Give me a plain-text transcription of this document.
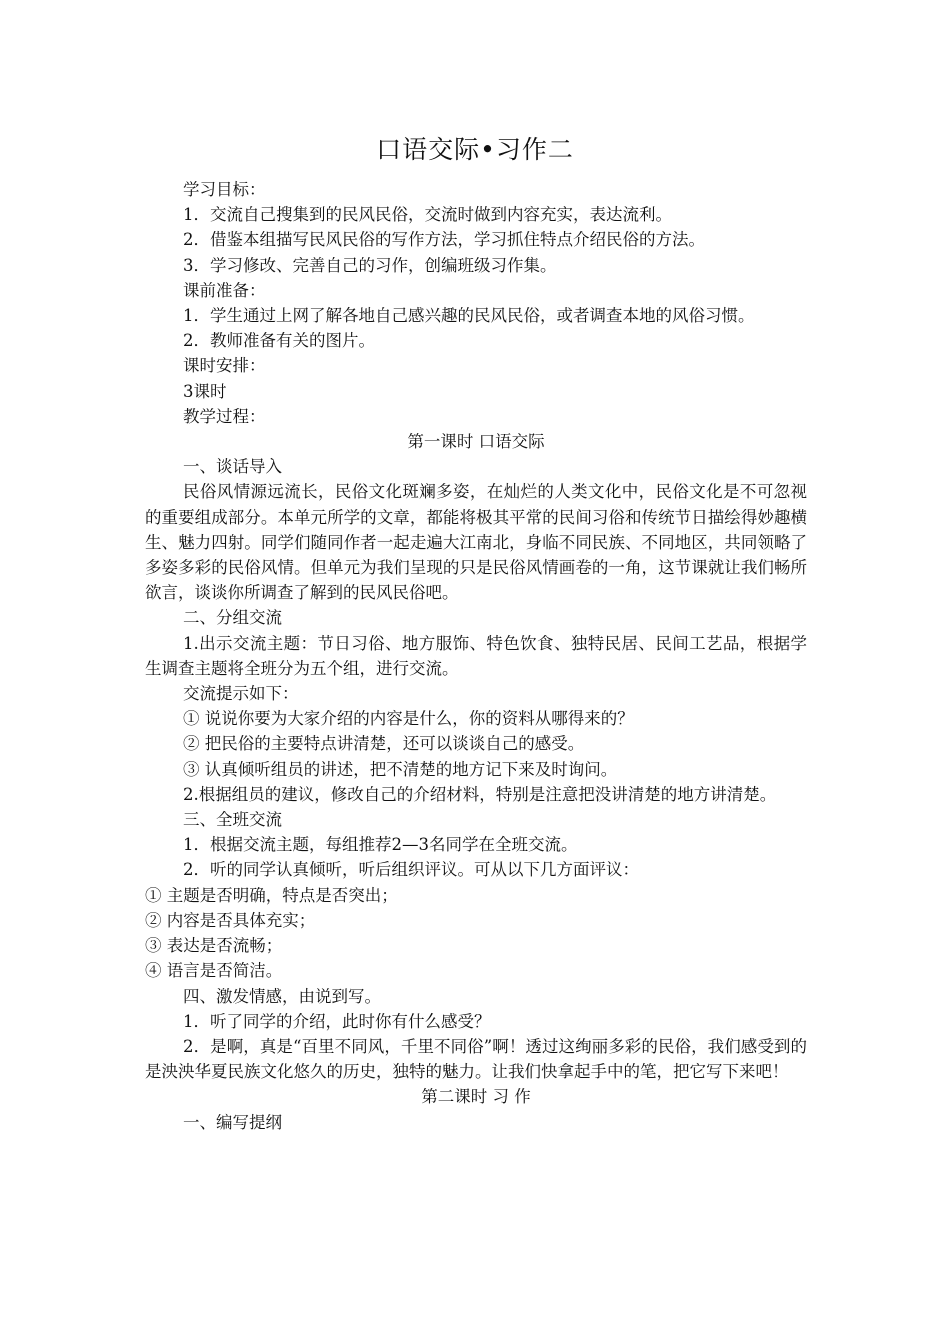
口语交际•习作二

学习目标：

1．交流自己搜集到的民风民俗，交流时做到内容充实，表达流利。

2．借鉴本组描写民风民俗的写作方法，学习抓住特点介绍民俗的方法。

3．学习修改、完善自己的习作，创编班级习作集。

课前准备：

1．学生通过上网了解各地自己感兴趣的民风民俗，或者调查本地的风俗习惯。

2．教师准备有关的图片。

课时安排：

3课时

教学过程：

第一课时 口语交际

一、谈话导入

民俗风情源远流长，民俗文化斑斓多姿，在灿烂的人类文化中，民俗文化是不可忽视的重要组成部分。本单元所学的文章，都能将极其平常的民间习俗和传统节日描绘得妙趣横生、魅力四射。同学们随同作者一起走遍大江南北，身临不同民族、不同地区，共同领略了多姿多彩的民俗风情。但单元为我们呈现的只是民俗风情画卷的一角，这节课就让我们畅所欲言，谈谈你所调查了解到的民风民俗吧。

二、分组交流

1.出示交流主题：节日习俗、地方服饰、特色饮食、独特民居、民间工艺品，根据学生调查主题将全班分为五个组，进行交流。

交流提示如下：

① 说说你要为大家介绍的内容是什么，你的资料从哪得来的？

② 把民俗的主要特点讲清楚，还可以谈谈自己的感受。

③ 认真倾听组员的讲述，把不清楚的地方记下来及时询问。

2.根据组员的建议，修改自己的介绍材料，特别是注意把没讲清楚的地方讲清楚。

三、全班交流

1．根据交流主题，每组推荐2—3名同学在全班交流。

2．听的同学认真倾听，听后组织评议。可从以下几方面评议：

① 主题是否明确，特点是否突出；

② 内容是否具体充实；

③ 表达是否流畅；

④ 语言是否简洁。

四、激发情感，由说到写。

1．听了同学的介绍，此时你有什么感受？

2．是啊，真是“百里不同风，千里不同俗”啊！透过这绚丽多彩的民俗，我们感受到的是泱泱华夏民族文化悠久的历史，独特的魅力。让我们快拿起手中的笔，把它写下来吧！

第二课时 习 作

一、编写提纲
